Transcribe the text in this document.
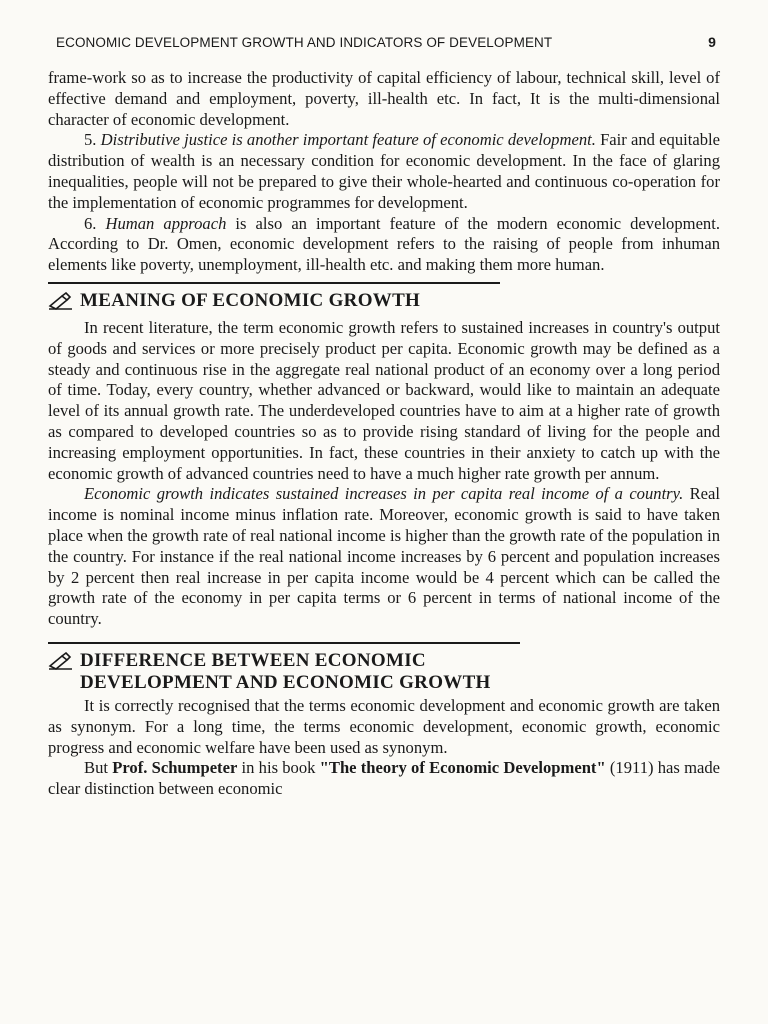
ECONOMIC DEVELOPMENT GROWTH AND INDICATORS OF DEVELOPMENT	9

frame-work so as to increase the productivity of capital efficiency of labour, technical skill, level of effective demand and employment, poverty, ill-health etc. In fact, It is the multi-dimensional character of economic development.

5. Distributive justice is another important feature of economic development. Fair and equitable distribution of wealth is an necessary condition for economic development. In the face of glaring inequalities, people will not be prepared to give their whole-hearted and continuous co-operation for the implementation of economic programmes for development.

6. Human approach is also an important feature of the modern economic development. According to Dr. Omen, economic development refers to the raising of people from inhuman elements like poverty, unemployment, ill-health etc. and making them more human.

MEANING OF ECONOMIC GROWTH

In recent literature, the term economic growth refers to sustained increases in country's output of goods and services or more precisely product per capita. Economic growth may be defined as a steady and continuous rise in the aggregate real national product of an economy over a long period of time. Today, every country, whether advanced or backward, would like to maintain an adequate level of its annual growth rate. The underdeveloped countries have to aim at a higher rate of growth as compared to developed countries so as to provide rising standard of living for the people and increasing employment opportunities. In fact, these countries in their anxiety to catch up with the economic growth of advanced countries need to have a much higher rate growth per annum.

Economic growth indicates sustained increases in per capita real income of a country. Real income is nominal income minus inflation rate. Moreover, economic growth is said to have taken place when the growth rate of real national income is higher than the growth rate of the population in the country. For instance if the real national income increases by 6 percent and population increases by 2 percent then real increase in per capita income would be 4 percent which can be called the growth rate of the economy in per capita terms or 6 percent in terms of national income of the country.

DIFFERENCE BETWEEN ECONOMIC
DEVELOPMENT AND ECONOMIC GROWTH

It is correctly recognised that the terms economic development and economic growth are taken as synonym. For a long time, the terms economic development, economic growth, economic progress and economic welfare have been used as synonym.

But Prof. Schumpeter in his book "The theory of Economic Development" (1911) has made clear distinction between economic
